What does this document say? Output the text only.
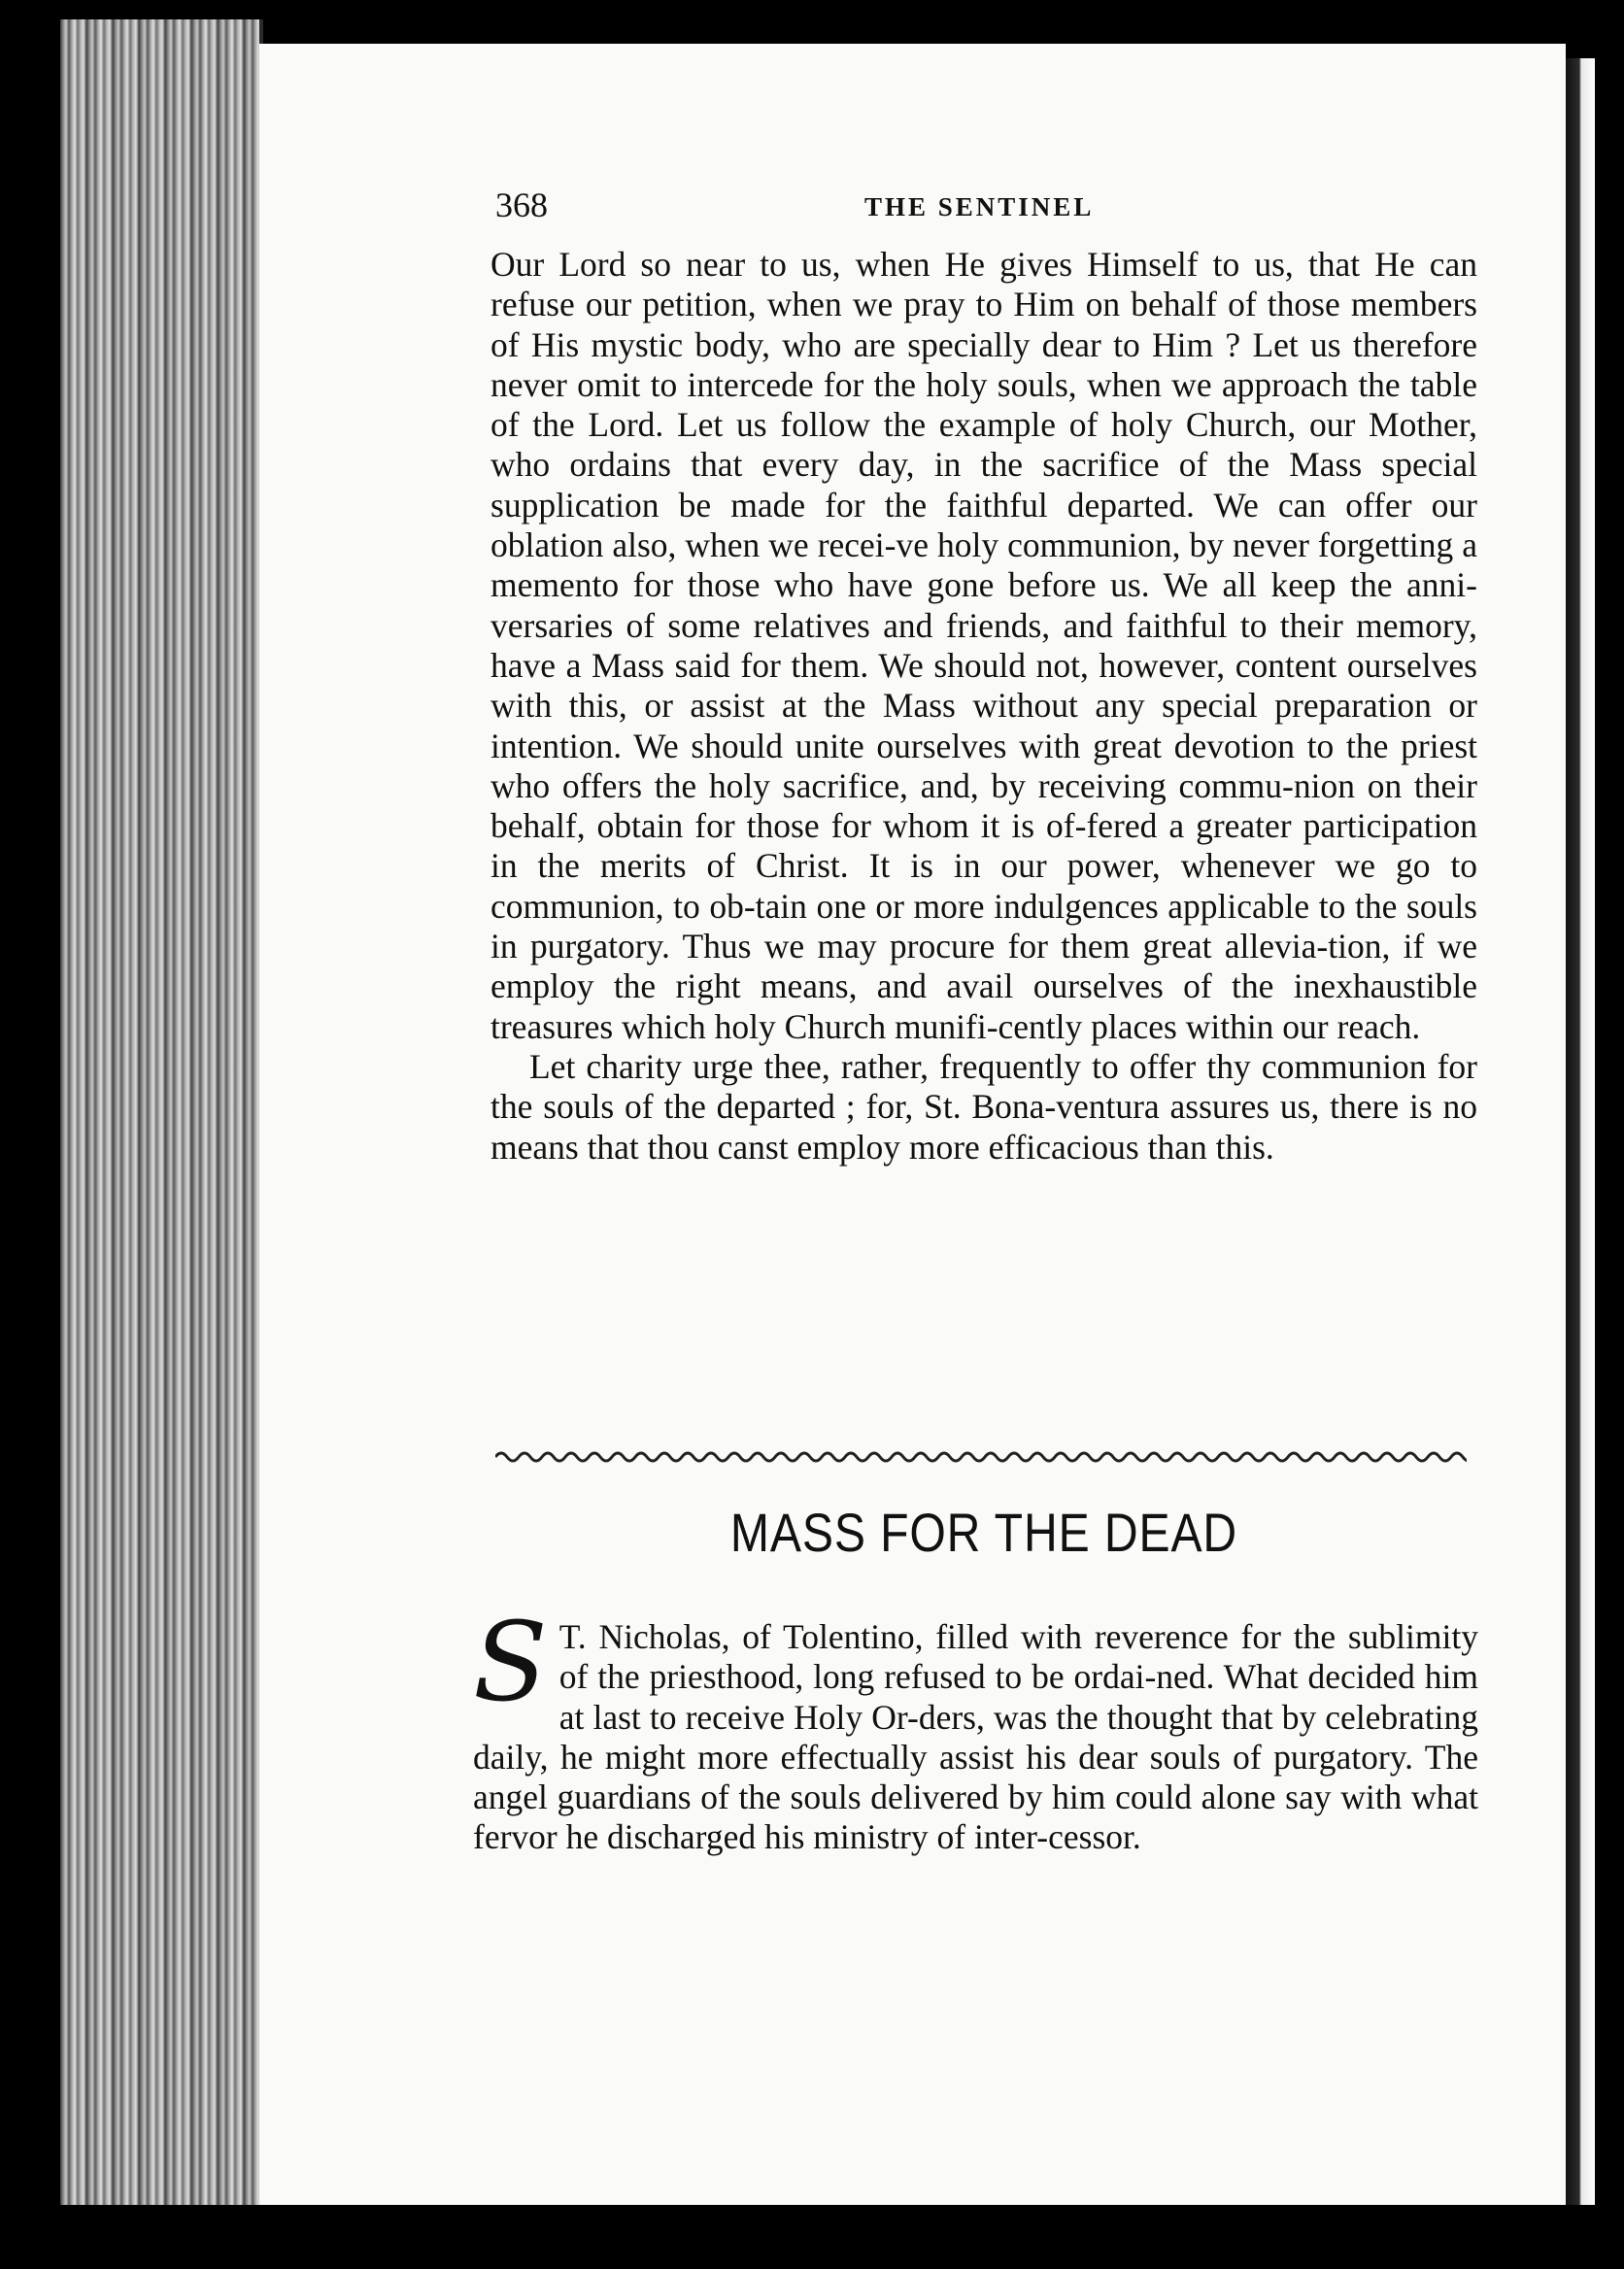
368	THE SENTINEL

Our Lord so near to us, when He gives Himself to us, that He can refuse our petition, when we pray to Him on behalf of those members of His mystic body, who are specially dear to Him ? Let us therefore never omit to intercede for the holy souls, when we approach the table of the Lord. Let us follow the example of holy Church, our Mother, who ordains that every day, in the sacrifice of the Mass special supplication be made for the faithful departed. We can offer our oblation also, when we recei-ve holy communion, by never forgetting a memento for those who have gone before us. We all keep the anni-versaries of some relatives and friends, and faithful to their memory, have a Mass said for them. We should not, however, content ourselves with this, or assist at the Mass without any special preparation or intention. We should unite ourselves with great devotion to the priest who offers the holy sacrifice, and, by receiving commu-nion on their behalf, obtain for those for whom it is of-fered a greater participation in the merits of Christ. It is in our power, whenever we go to communion, to ob-tain one or more indulgences applicable to the souls in purgatory. Thus we may procure for them great allevia-tion, if we employ the right means, and avail ourselves of the inexhaustible treasures which holy Church munifi-cently places within our reach.

Let charity urge thee, rather, frequently to offer thy communion for the souls of the departed ; for, St. Bona-ventura assures us, there is no means that thou canst employ more efficacious than this.

MASS FOR THE DEAD
S T. Nicholas, of Tolentino, filled with reverence for the sublimity of the priesthood, long refused to be ordai-ned. What decided him at last to receive Holy Or-ders, was the thought that by celebrating daily, he might more effectually assist his dear souls of purgatory. The angel guardians of the souls delivered by him could alone say with what fervor he discharged his ministry of inter-cessor.
